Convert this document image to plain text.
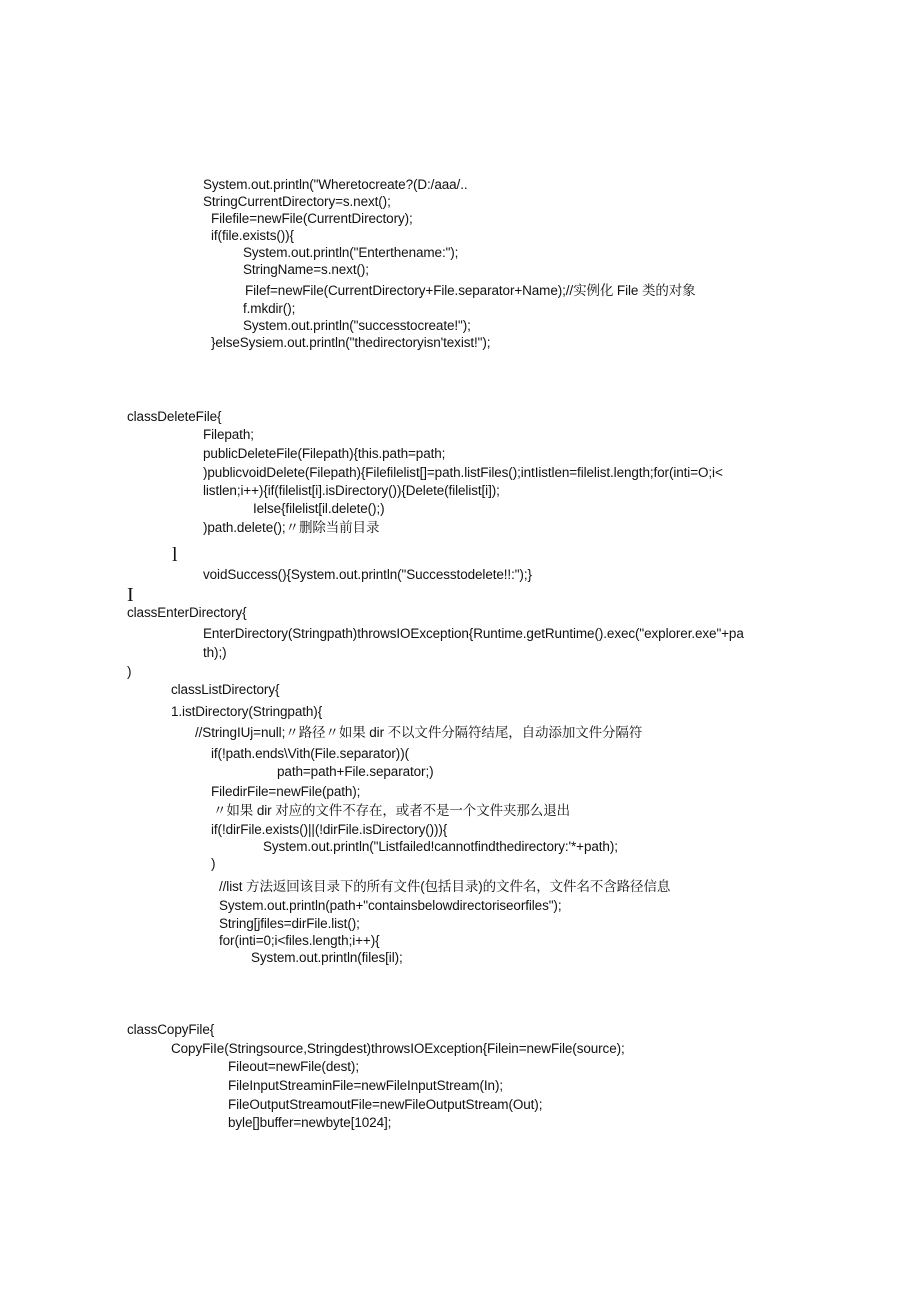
System.out.println("Wheretocreate?(D:/aaa/..
StringCurrentDirectory=s.next();
Filefile=newFile(CurrentDirectory);
if(file.exists()){
System.out.println("Enterthename:");
StringName=s.next();
Filef=newFile(CurrentDirectory+File.separator+Name);//实例化 File 类的对象
f.mkdir();
System.out.println("successtocreate!");
}elseSysiem.out.println("thedirectoryisn'texist!");
classDeleteFile{
Filepath;
publicDeleteFile(Filepath){this.path=path;
)publicvoidDelete(Filepath){Filefilelist[]=path.listFiles();intIistlen=filelist.length;for(inti=O;i<
listlen;i++){if(filelist[i].isDirectory()){Delete(filelist[i]);
Ielse{filelist[il.delete();)
)path.delete();〃删除当前目录
l
voidSuccess(){System.out.println("Successtodelete!!:");}
I
classEnterDirectory{
EnterDirectory(Stringpath)throwsIOException{Runtime.getRuntime().exec("explorer.exe"+pa
th);)
)
classListDirectory{
1.istDirectory(Stringpath){
//StringIUj=null;〃路径〃如果 dir 不以文件分隔符结尾，自动添加文件分隔符
if(!path.ends\Vith(File.separator))(
path=path+File.separator;)
FiledirFile=newFile(path);
〃如果 dir 对应的文件不存在，或者不是一个文件夹那么退出
if(!dirFile.exists()||(!dirFile.isDirectory())){
System.out.println("Listfailed!cannotfindthedirectory:'*+path);
)
//list 方法返回该目录下的所有文件(包括目录)的文件名，文件名不含路径信息
System.out.println(path+"containsbelowdirectoriseorfiles");
String[jfiles=dirFile.list();
for(inti=0;i<files.length;i++){
System.out.println(files[il);
classCopyFile{
CopyFiIe(Stringsource,Stringdest)throwsIOException{Filein=newFile(source);
Fileout=newFile(dest);
FileInputStreaminFile=newFileInputStream(In);
FileOutputStreamoutFile=newFileOutputStream(Out);
byle[]buffer=newbyte[1024];
